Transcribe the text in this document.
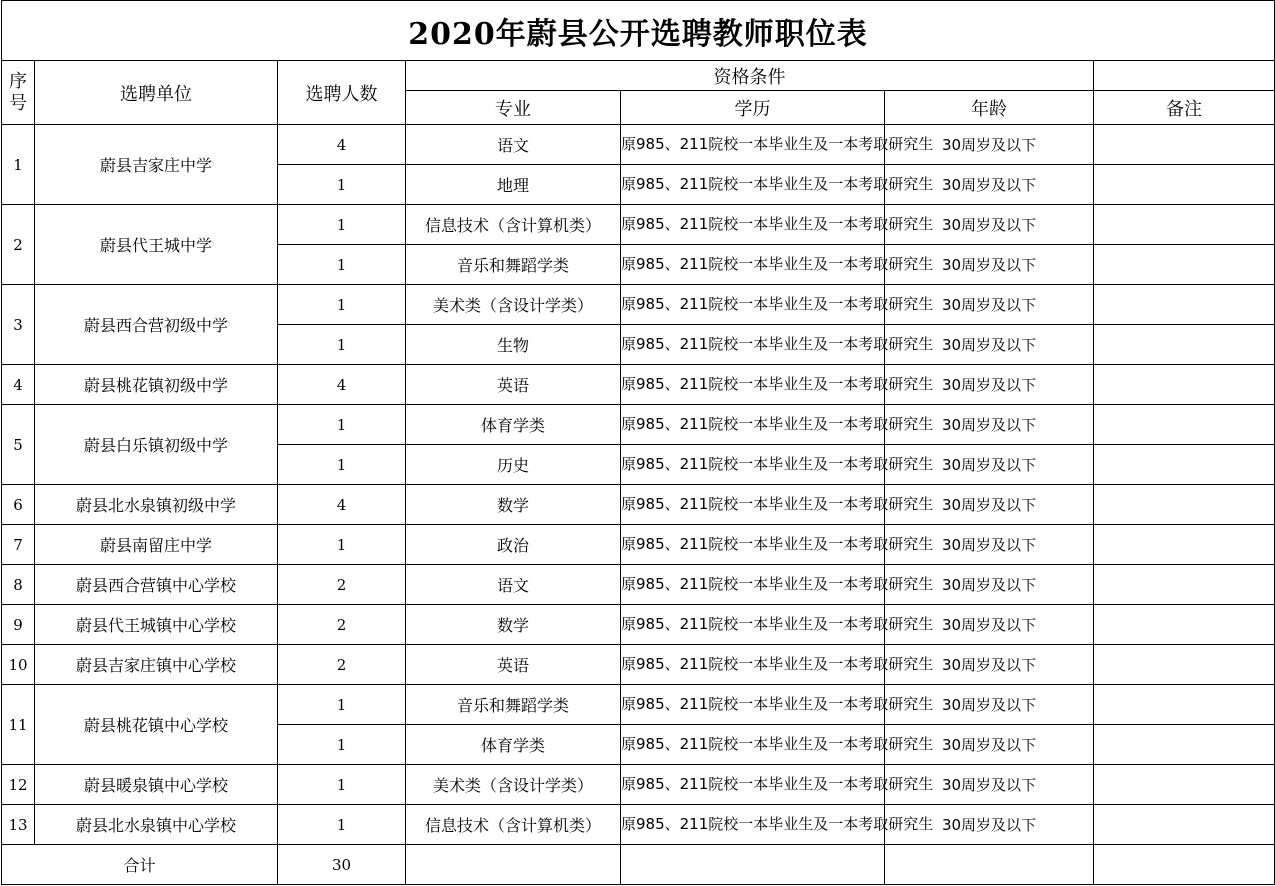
2020年蔚县公开选聘教师职位表						
序号	选聘单位	选聘人数	资格条件			
			专业	学历	年龄	备注
1	蔚县吉家庄中学	4	语文	原985、211院校一本毕业生及一本考取研究生	30周岁及以下	
		1	地理	原985、211院校一本毕业生及一本考取研究生	30周岁及以下	
2	蔚县代王城中学	1	信息技术（含计算机类）	原985、211院校一本毕业生及一本考取研究生	30周岁及以下	
		1	音乐和舞蹈学类	原985、211院校一本毕业生及一本考取研究生	30周岁及以下	
3	蔚县西合营初级中学	1	美术类（含设计学类）	原985、211院校一本毕业生及一本考取研究生	30周岁及以下	
		1	生物	原985、211院校一本毕业生及一本考取研究生	30周岁及以下	
4	蔚县桃花镇初级中学	4	英语	原985、211院校一本毕业生及一本考取研究生	30周岁及以下	
5	蔚县白乐镇初级中学	1	体育学类	原985、211院校一本毕业生及一本考取研究生	30周岁及以下	
		1	历史	原985、211院校一本毕业生及一本考取研究生	30周岁及以下	
6	蔚县北水泉镇初级中学	4	数学	原985、211院校一本毕业生及一本考取研究生	30周岁及以下	
7	蔚县南留庄中学	1	政治	原985、211院校一本毕业生及一本考取研究生	30周岁及以下	
8	蔚县西合营镇中心学校	2	语文	原985、211院校一本毕业生及一本考取研究生	30周岁及以下	
9	蔚县代王城镇中心学校	2	数学	原985、211院校一本毕业生及一本考取研究生	30周岁及以下	
10	蔚县吉家庄镇中心学校	2	英语	原985、211院校一本毕业生及一本考取研究生	30周岁及以下	
11	蔚县桃花镇中心学校	1	音乐和舞蹈学类	原985、211院校一本毕业生及一本考取研究生	30周岁及以下	
		1	体育学类	原985、211院校一本毕业生及一本考取研究生	30周岁及以下	
12	蔚县暖泉镇中心学校	1	美术类（含设计学类）	原985、211院校一本毕业生及一本考取研究生	30周岁及以下	
13	蔚县北水泉镇中心学校	1	信息技术（含计算机类）	原985、211院校一本毕业生及一本考取研究生	30周岁及以下	
合计		30				
